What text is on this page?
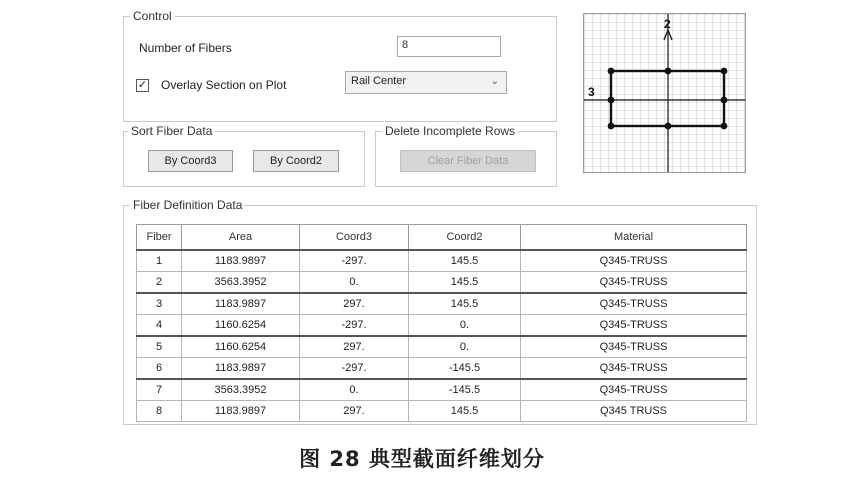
Control
Number of Fibers	8
✓ Overlay Section on Plot	Rail Center	⌄
Sort Fiber Data
By Coord3	By Coord2
Delete Incomplete Rows
Clear Fiber Data
2
3
Fiber Definition Data
Fiber	Area	Coord3	Coord2	Material
1	1183.9897	-297.	145.5	Q345-TRUSS
2	3563.3952	0.	145.5	Q345-TRUSS
3	1183.9897	297.	145.5	Q345-TRUSS
4	1160.6254	-297.	0.	Q345-TRUSS
5	1160.6254	297.	0.	Q345-TRUSS
6	1183.9897	-297.	-145.5	Q345-TRUSS
7	3563.3952	0.	-145.5	Q345-TRUSS
8	1183.9897	297.	145.5	Q345 TRUSS
图 28 典型截面纤维划分
